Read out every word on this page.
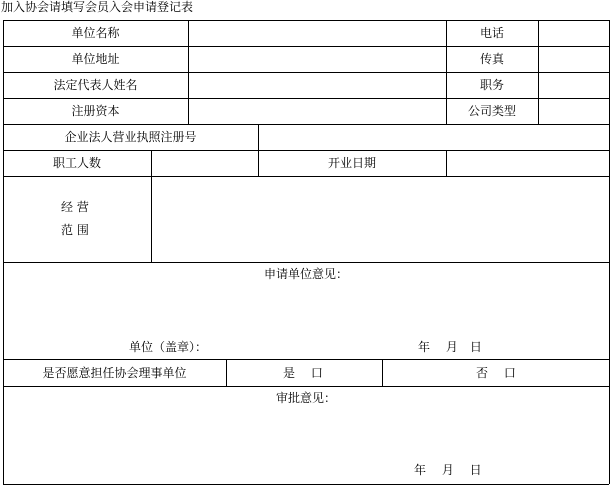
加入协会请填写会员入会申请登记表
单位名称	电话
单位地址	传真
法定代表人姓名	职务
注册资本	公司类型
企业法人营业执照注册号
职工人数	开业日期
经 营
范 围
申请单位意见：
单位（盖章）：	年　 月　日
是否愿意担任协会理事单位	是　 口	否　 口
审批意见：
年　 月　 日
